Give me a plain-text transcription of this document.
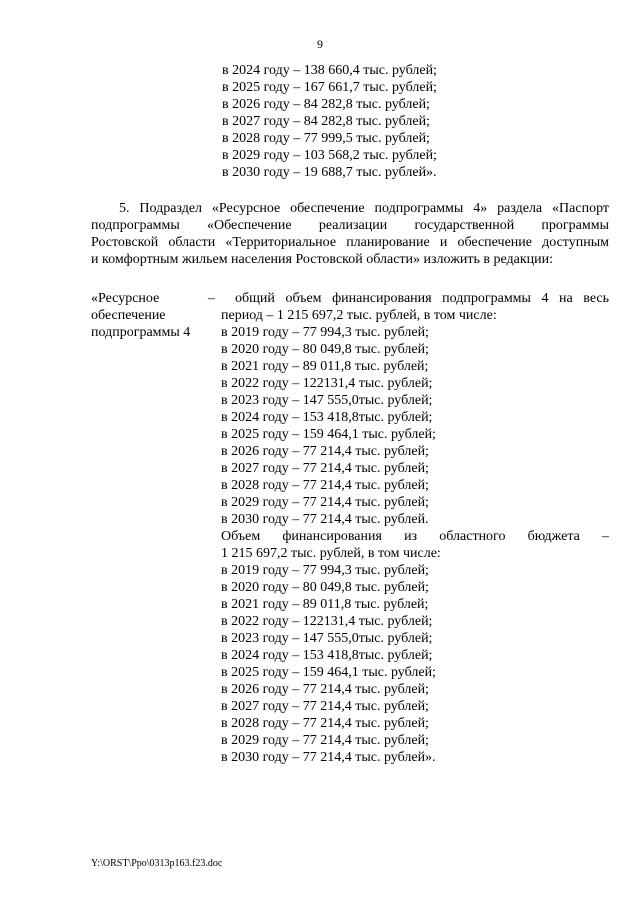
9
в 2024 году – 138 660,4 тыс. рублей;
в 2025 году – 167 661,7 тыс. рублей;
в 2026 году – 84 282,8 тыс. рублей;
в 2027 году – 84 282,8 тыс. рублей;
в 2028 году – 77 999,5 тыс. рублей;
в 2029 году – 103 568,2 тыс. рублей;
в 2030 году – 19 688,7 тыс. рублей».
5. Подраздел «Ресурсное обеспечение подпрограммы 4» раздела «Паспорт
подпрограммы «Обеспечение реализации государственной программы
Ростовской области «Территориальное планирование и обеспечение доступным
и комфортным жильем населения Ростовской области» изложить в редакции:
«Ресурсное
обеспечение
подпрограммы 4
–	общий объем финансирования подпрограммы 4 на весь
период – 1 215 697,2 тыс. рублей, в том числе:
в 2019 году – 77 994,3 тыс. рублей;
в 2020 году – 80 049,8 тыс. рублей;
в 2021 году – 89 011,8 тыс. рублей;
в 2022 году – 122131,4 тыс. рублей;
в 2023 году – 147 555,0тыс. рублей;
в 2024 году – 153 418,8тыс. рублей;
в 2025 году – 159 464,1 тыс. рублей;
в 2026 году – 77 214,4 тыс. рублей;
в 2027 году – 77 214,4 тыс. рублей;
в 2028 году – 77 214,4 тыс. рублей;
в 2029 году – 77 214,4 тыс. рублей;
в 2030 году – 77 214,4 тыс. рублей.
Объем финансирования из областного бюджета –
1 215 697,2 тыс. рублей, в том числе:
в 2019 году – 77 994,3 тыс. рублей;
в 2020 году – 80 049,8 тыс. рублей;
в 2021 году – 89 011,8 тыс. рублей;
в 2022 году – 122131,4 тыс. рублей;
в 2023 году – 147 555,0тыс. рублей;
в 2024 году – 153 418,8тыс. рублей;
в 2025 году – 159 464,1 тыс. рублей;
в 2026 году – 77 214,4 тыс. рублей;
в 2027 году – 77 214,4 тыс. рублей;
в 2028 году – 77 214,4 тыс. рублей;
в 2029 году – 77 214,4 тыс. рублей;
в 2030 году – 77 214,4 тыс. рублей».
Y:\ORST\Ppo\0313p163.f23.doc
